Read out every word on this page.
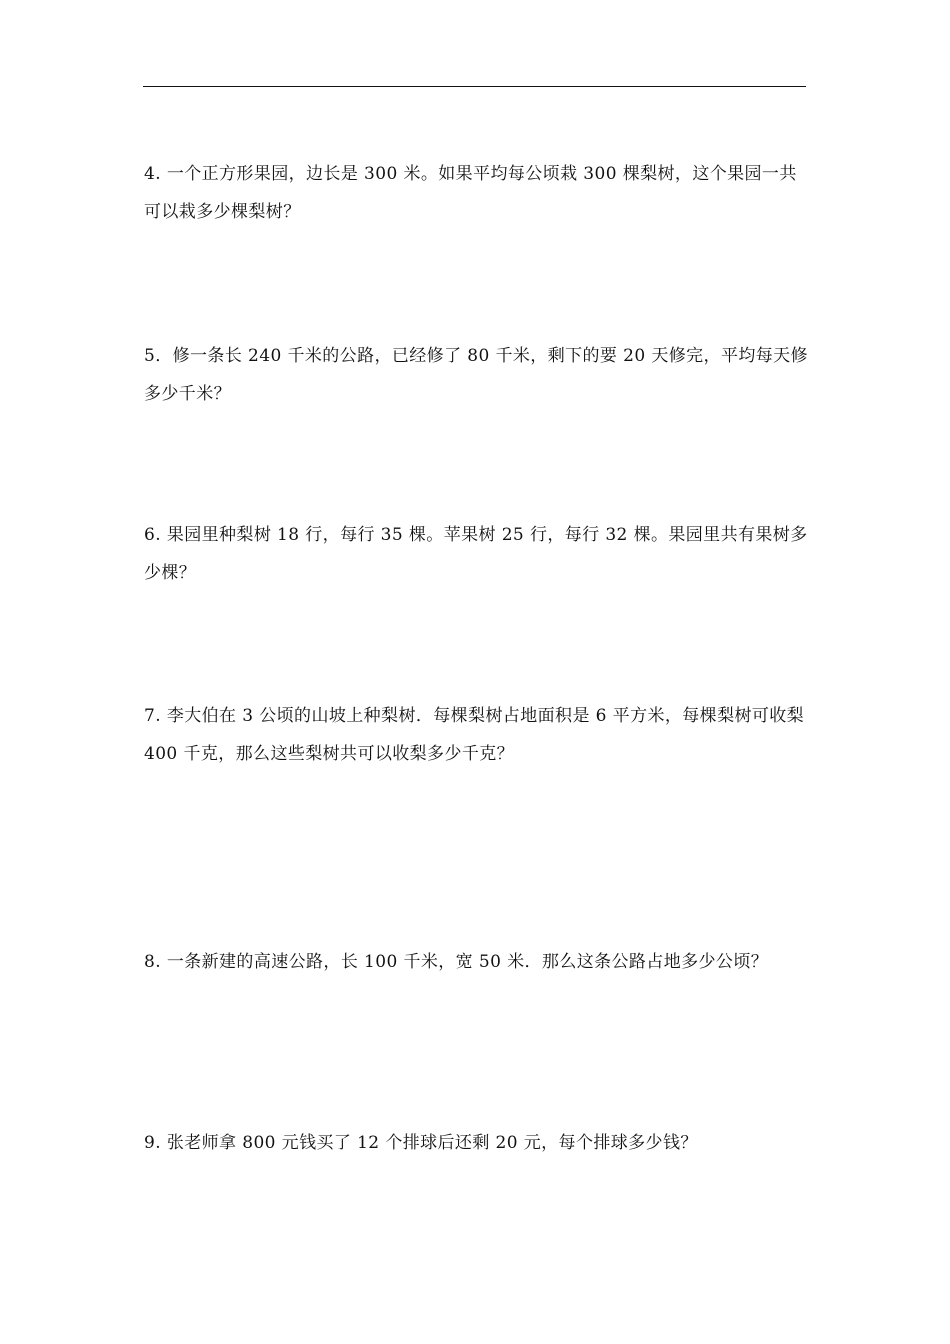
4. 一个正方形果园，边长是 300 米。如果平均每公顷栽 300 棵梨树，这个果园一共可以栽多少棵梨树？

5．修一条长 240 千米的公路，已经修了 80 千米，剩下的要 20 天修完，平均每天修多少千米？

6. 果园里种梨树 18 行，每行 35 棵。苹果树 25 行，每行 32 棵。果园里共有果树多少棵？

7. 李大伯在 3 公顷的山坡上种梨树．每棵梨树占地面积是 6 平方米，每棵梨树可收梨 400 千克，那么这些梨树共可以收梨多少千克？

8. 一条新建的高速公路，长 100 千米，宽 50 米．那么这条公路占地多少公顷？

9. 张老师拿 800 元钱买了 12 个排球后还剩 20 元，每个排球多少钱？
